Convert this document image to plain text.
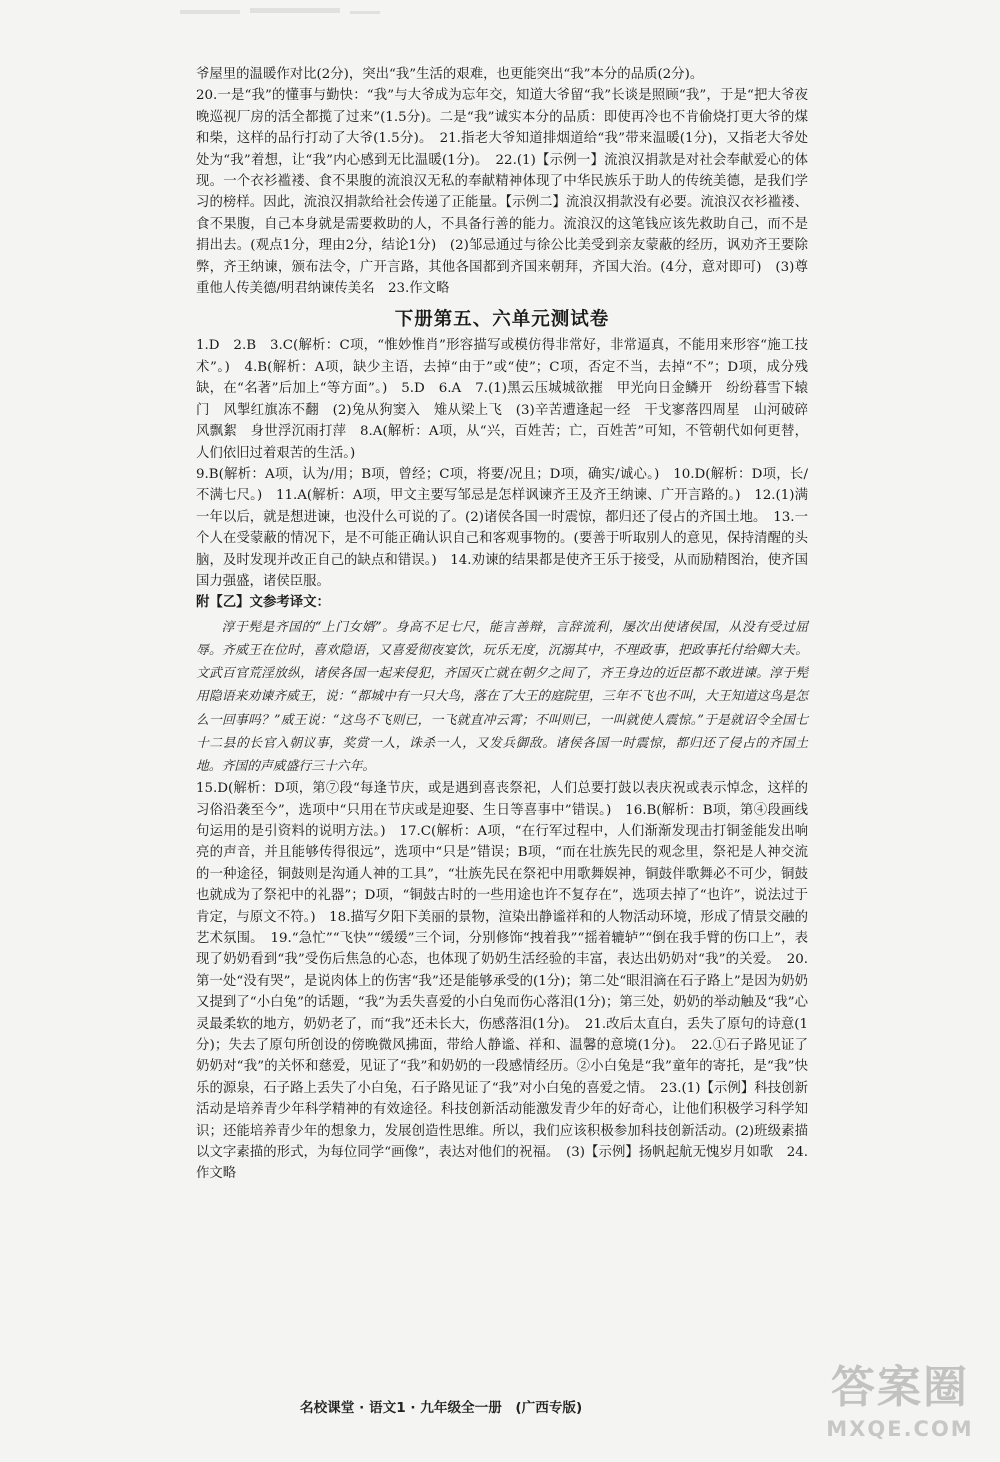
爷屋里的温暖作对比(2分)，突出“我”生活的艰难，也更能突出“我”本分的品质(2分)。

20.一是“我”的懂事与勤快：“我”与大爷成为忘年交，知道大爷留“我”长谈是照顾“我”，于是“把大爷夜晚巡视厂房的活全都揽了过来”(1.5分)。二是“我”诚实本分的品质：即使再冷也不肯偷烧打更大爷的煤和柴，这样的品行打动了大爷(1.5分)。　21.指老大爷知道排烟道给“我”带来温暖(1分)，又指老大爷处处为“我”着想，让“我”内心感到无比温暖(1分)。　22.(1)【示例一】流浪汉捐款是对社会奉献爱心的体现。一个衣衫褴褛、食不果腹的流浪汉无私的奉献精神体现了中华民族乐于助人的传统美德，是我们学习的榜样。因此，流浪汉捐款给社会传递了正能量。【示例二】流浪汉捐款没有必要。流浪汉衣衫褴褛、食不果腹，自己本身就是需要救助的人，不具备行善的能力。流浪汉的这笔钱应该先救助自己，而不是捐出去。(观点1分，理由2分，结论1分)　(2)邹忌通过与徐公比美受到亲友蒙蔽的经历，讽劝齐王要除弊，齐王纳谏，颁布法令，广开言路，其他各国都到齐国来朝拜，齐国大治。(4分，意对即可)　(3)尊重他人传美德/明君纳谏传美名　23.作文略

下册第五、六单元测试卷

1.D　2.B　3.C(解析：C项，“惟妙惟肖”形容描写或模仿得非常好，非常逼真，不能用来形容“施工技术”。)　4.B(解析：A项，缺少主语，去掉“由于”或“使”；C项，否定不当，去掉“不”；D项，成分残缺，在“名著”后加上“等方面”。)　5.D　6.A　7.(1)黑云压城城欲摧　甲光向日金鳞开　纷纷暮雪下辕门　风掣红旗冻不翻　(2)兔从狗窦入　雉从梁上飞　(3)辛苦遭逢起一经　干戈寥落四周星　山河破碎风飘絮　身世浮沉雨打萍　8.A(解析：A项，从“兴，百姓苦；亡，百姓苦”可知，不管朝代如何更替，人们依旧过着艰苦的生活。)

9.B(解析：A项，认为/用；B项，曾经；C项，将要/况且；D项，确实/诚心。)　10.D(解析：D项，长/不满七尺。)　11.A(解析：A项，甲文主要写邹忌是怎样讽谏齐王及齐王纳谏、广开言路的。)　12.(1)满一年以后，就是想进谏，也没什么可说的了。(2)诸侯各国一时震惊，都归还了侵占的齐国土地。　13.一个人在受蒙蔽的情况下，是不可能正确认识自己和客观事物的。(要善于听取别人的意见，保持清醒的头脑，及时发现并改正自己的缺点和错误。)　14.劝谏的结果都是使齐王乐于接受，从而励精图治，使齐国国力强盛，诸侯臣服。

附【乙】文参考译文：

淳于髡是齐国的“上门女婿”。身高不足七尺，能言善辩，言辞流利，屡次出使诸侯国，从没有受过屈辱。齐威王在位时，喜欢隐语，又喜爱彻夜宴饮，玩乐无度，沉溺其中，不理政事，把政事托付给卿大夫。文武百官荒淫放纵，诸侯各国一起来侵犯，齐国灭亡就在朝夕之间了，齐王身边的近臣都不敢进谏。淳于髡用隐语来劝谏齐威王，说：“都城中有一只大鸟，落在了大王的庭院里，三年不飞也不叫，大王知道这鸟是怎么一回事吗？”威王说：“这鸟不飞则已，一飞就直冲云霄；不叫则已，一叫就使人震惊。”于是就诏令全国七十二县的长官入朝议事，奖赏一人，诛杀一人，又发兵御敌。诸侯各国一时震惊，都归还了侵占的齐国土地。齐国的声威盛行三十六年。

15.D(解析：D项，第⑦段“每逢节庆，或是遇到喜丧祭祀，人们总要打鼓以表庆祝或表示悼念，这样的习俗沿袭至今”，选项中“只用在节庆或是迎娶、生日等喜事中”错误。)　16.B(解析：B项，第④段画线句运用的是引资料的说明方法。)　17.C(解析：A项，“在行军过程中，人们渐渐发现击打铜釜能发出响亮的声音，并且能够传得很远”，选项中“只是”错误；B项，“而在壮族先民的观念里，祭祀是人神交流的一种途径，铜鼓则是沟通人神的工具”，“壮族先民在祭祀中用歌舞娱神，铜鼓伴歌舞必不可少，铜鼓也就成为了祭祀中的礼器”；D项，“铜鼓古时的一些用途也许不复存在”，选项去掉了“也许”，说法过于肯定，与原文不符。)　18.描写夕阳下美丽的景物，渲染出静谧祥和的人物活动环境，形成了情景交融的艺术氛围。　19.“急忙”“飞快”“缓缓”三个词，分别修饰“拽着我”“摇着辘轳”“倒在我手臂的伤口上”，表现了奶奶看到“我”受伤后焦急的心态，也体现了奶奶生活经验的丰富，表达出奶奶对“我”的关爱。　20.第一处“没有哭”，是说肉体上的伤害“我”还是能够承受的(1分)；第二处“眼泪滴在石子路上”是因为奶奶又提到了“小白兔”的话题，“我”为丢失喜爱的小白兔而伤心落泪(1分)；第三处，奶奶的举动触及“我”心灵最柔软的地方，奶奶老了，而“我”还未长大，伤感落泪(1分)。　21.改后太直白，丢失了原句的诗意(1分)；失去了原句所创设的傍晚微风拂面，带给人静谧、祥和、温馨的意境(1分)。　22.①石子路见证了奶奶对“我”的关怀和慈爱，见证了“我”和奶奶的一段感情经历。②小白兔是“我”童年的寄托，是“我”快乐的源泉，石子路上丢失了小白兔，石子路见证了“我”对小白兔的喜爱之情。　23.(1)【示例】科技创新活动是培养青少年科学精神的有效途径。科技创新活动能激发青少年的好奇心，让他们积极学习科学知识；还能培养青少年的想象力，发展创造性思维。所以，我们应该积极参加科技创新活动。(2)班级素描　以文字素描的形式，为每位同学“画像”，表达对他们的祝福。　(3)【示例】扬帆起航无愧岁月如歌　24.作文略

名校课堂 · 语文1 · 九年级全一册　(广西专版)	答案圈
MXQE.COM
